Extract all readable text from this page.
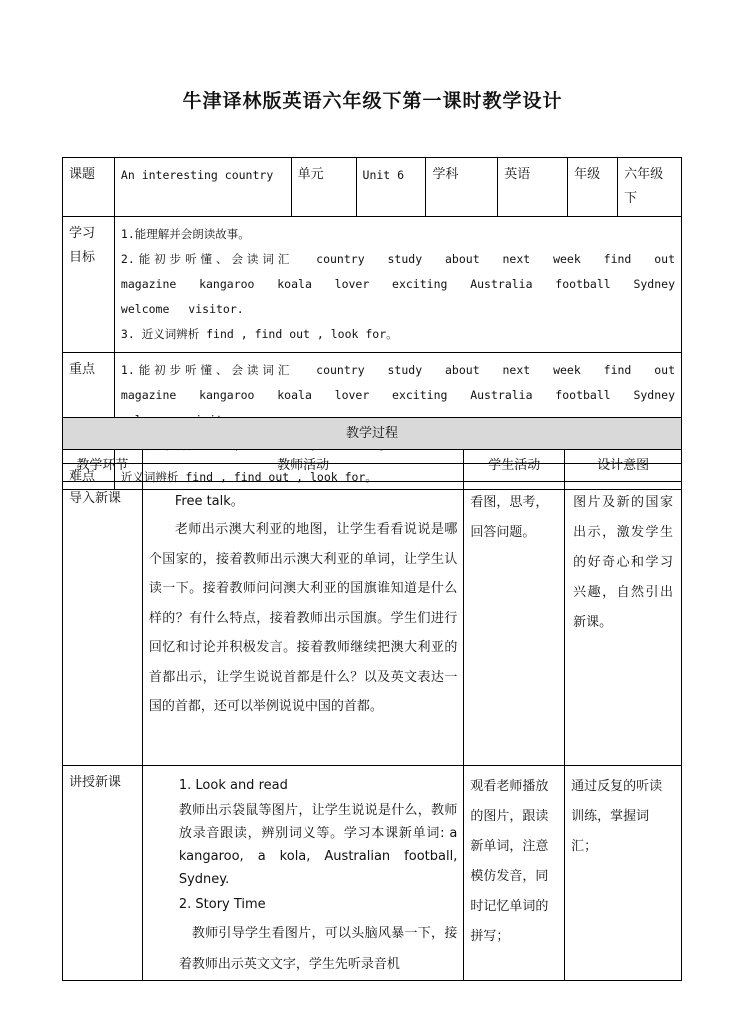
牛津译林版英语六年级下第一课时教学设计
课题	An interesting country	单元	Unit 6	学科	英语	年级	六年级下
学习目标	1.能理解并会朗读故事。
2.能初步听懂、会读词汇 country study about next week find out magazine kangaroo koala lover exciting Australia football Sydney welcome visitor.
3. 近义词辨析 find , find out , look for。						

重点	1.能初步听懂、会读词汇 country study about next week find out magazine kangaroo koala lover exciting Australia football Sydney						

难点	近义词辨析 find , find out , look for。						
教学过程			
教学环节	教师活动	学生活动	设计意图
导入新课	Free talk。
老师出示澳大利亚的地图，让学生看看说说是哪个国家的，接着教师出示澳大利亚的单词，让学生认读一下。接着教师问问澳大利亚的国旗谁知道是什么样的？有什么特点，接着教师出示国旗。学生们进行回忆和讨论并积极发言。接着教师继续把澳大利亚的首都出示，让学生说说首都是什么？以及英文表达一国的首都，还可以举例说说中国的首都。	看图，思考，回答问题。	图片及新的国家出示，激发学生的好奇心和学习兴趣，自然引出新课。
讲授新课	1. Look and read
教师出示袋鼠等图片，让学生说说是什么，教师放录音跟读，辨别词义等。学习本课新单词: a kangaroo, a kola, Australian football, Sydney.
2. Story Time
教师引导学生看图片，可以头脑风暴一下，接着教师出示英文文字，学生先听录音机	观看老师播放的图片，跟读新单词，注意模仿发音，同时记忆单词的拼写；	通过反复的听读训练，掌握词汇；
